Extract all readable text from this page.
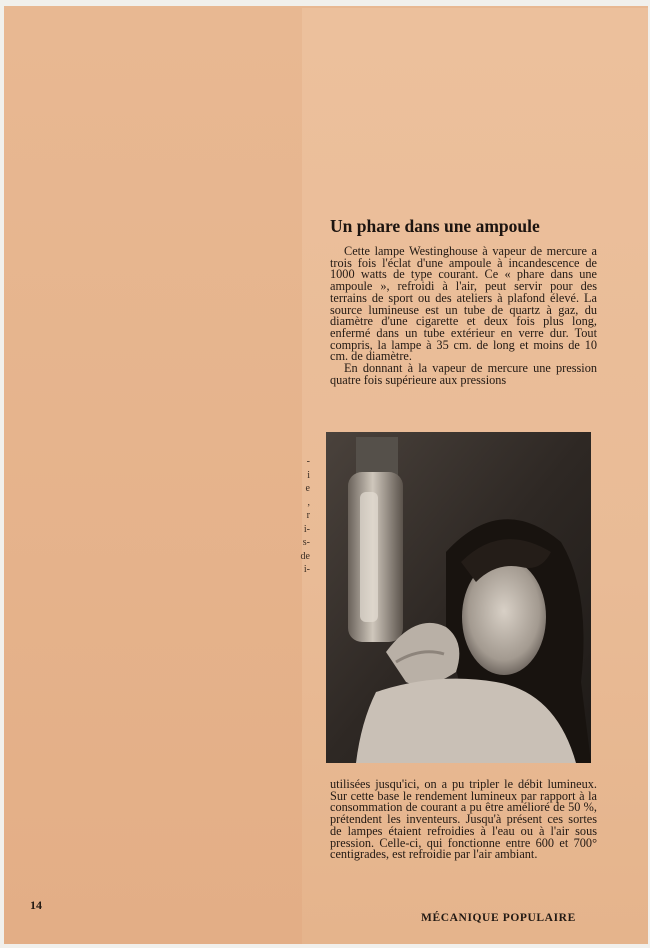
Un phare dans une ampoule

Cette lampe Westinghouse à vapeur de mercure a trois fois l'éclat d'une ampoule à incandescence de 1000 watts de type courant. Ce « phare dans une ampoule », refroidi à l'air, peut servir pour des terrains de sport ou des ateliers à plafond élevé. La source lumineuse est un tube de quartz à gaz, du diamètre d'une cigarette et deux fois plus long, enfermé dans un tube extérieur en verre dur. Tout compris, la lampe à 35 cm. de long et moins de 10 cm. de diamètre.

En donnant à la vapeur de mercure une pression quatre fois supérieure aux pressions

-
i
e
,
r
i-
s-
de
i-

utilisées jusqu'ici, on a pu tripler le débit lumineux. Sur cette base le rendement lumineux par rapport à la consommation de courant a pu être amélioré de 50 %, prétendent les inventeurs. Jusqu'à présent ces sortes de lampes étaient refroidies à l'eau ou à l'air sous pression. Celle-ci, qui fonctionne entre 600 et 700° centigrades, est refroidie par l'air ambiant.

14
MÉCANIQUE POPULAIRE
